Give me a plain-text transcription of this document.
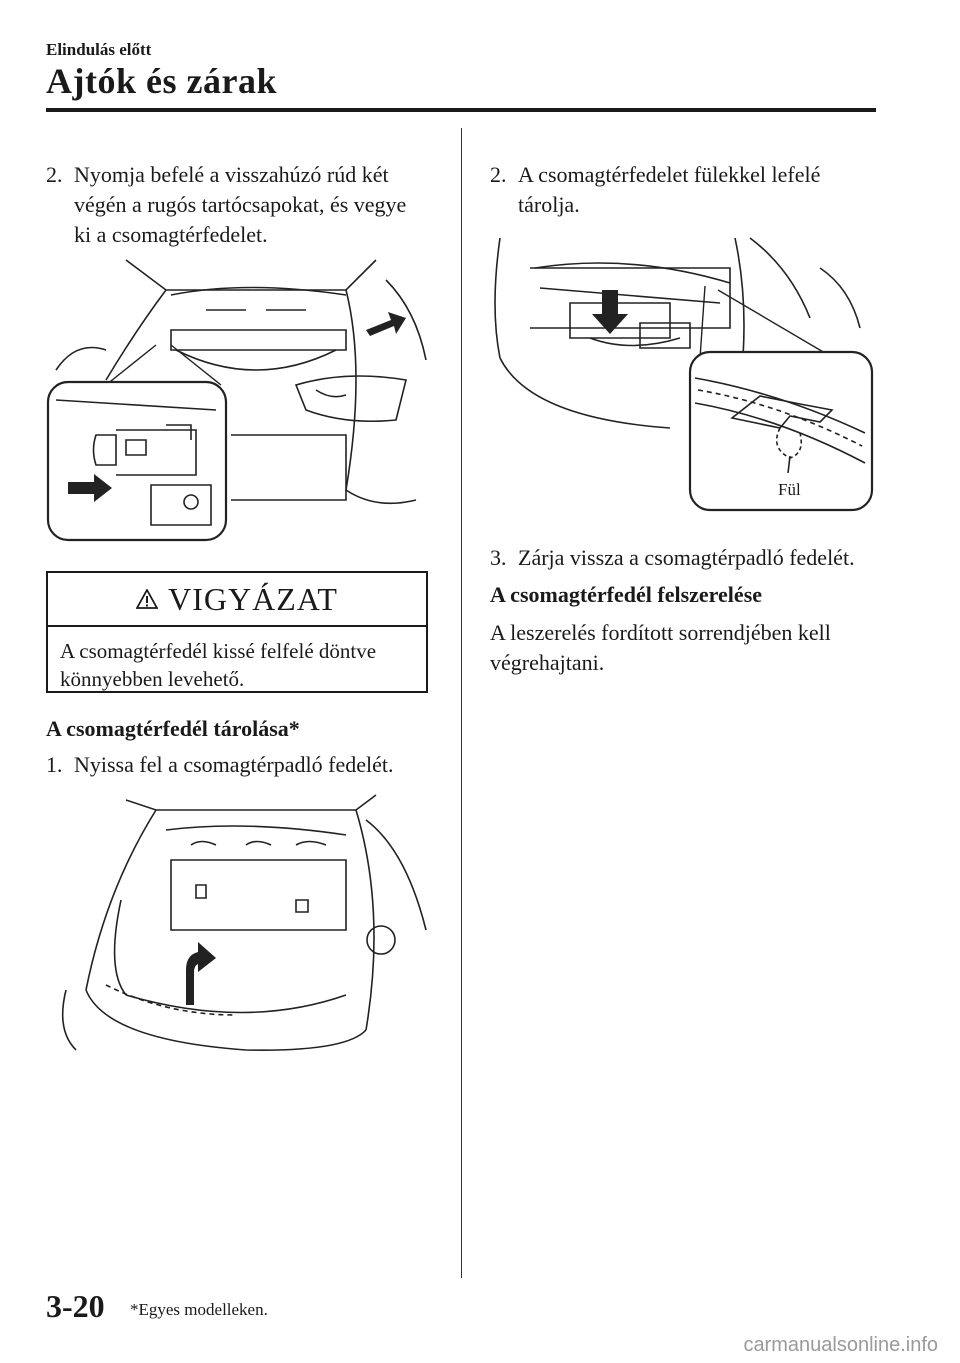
Elindulás előtt
Ajtók és zárak
2. Nyomja befelé a visszahúzó rúd két végén a rugós tartócsapokat, és vegye ki a csomagtérfedelet.
VIGYÁZAT
A csomagtérfedél kissé felfelé döntve könnyebben levehető.
A csomagtérfedél tárolása*
1. Nyissa fel a csomagtérpadló fedelét.
2. A csomagtérfedelet fülekkel lefelé tárolja.
Fül
3. Zárja vissza a csomagtérpadló fedelét.
A csomagtérfedél felszerelése
A leszerelés fordított sorrendjében kell végrehajtani.
3-20 *Egyes modelleken.
carmanualsonline.info
